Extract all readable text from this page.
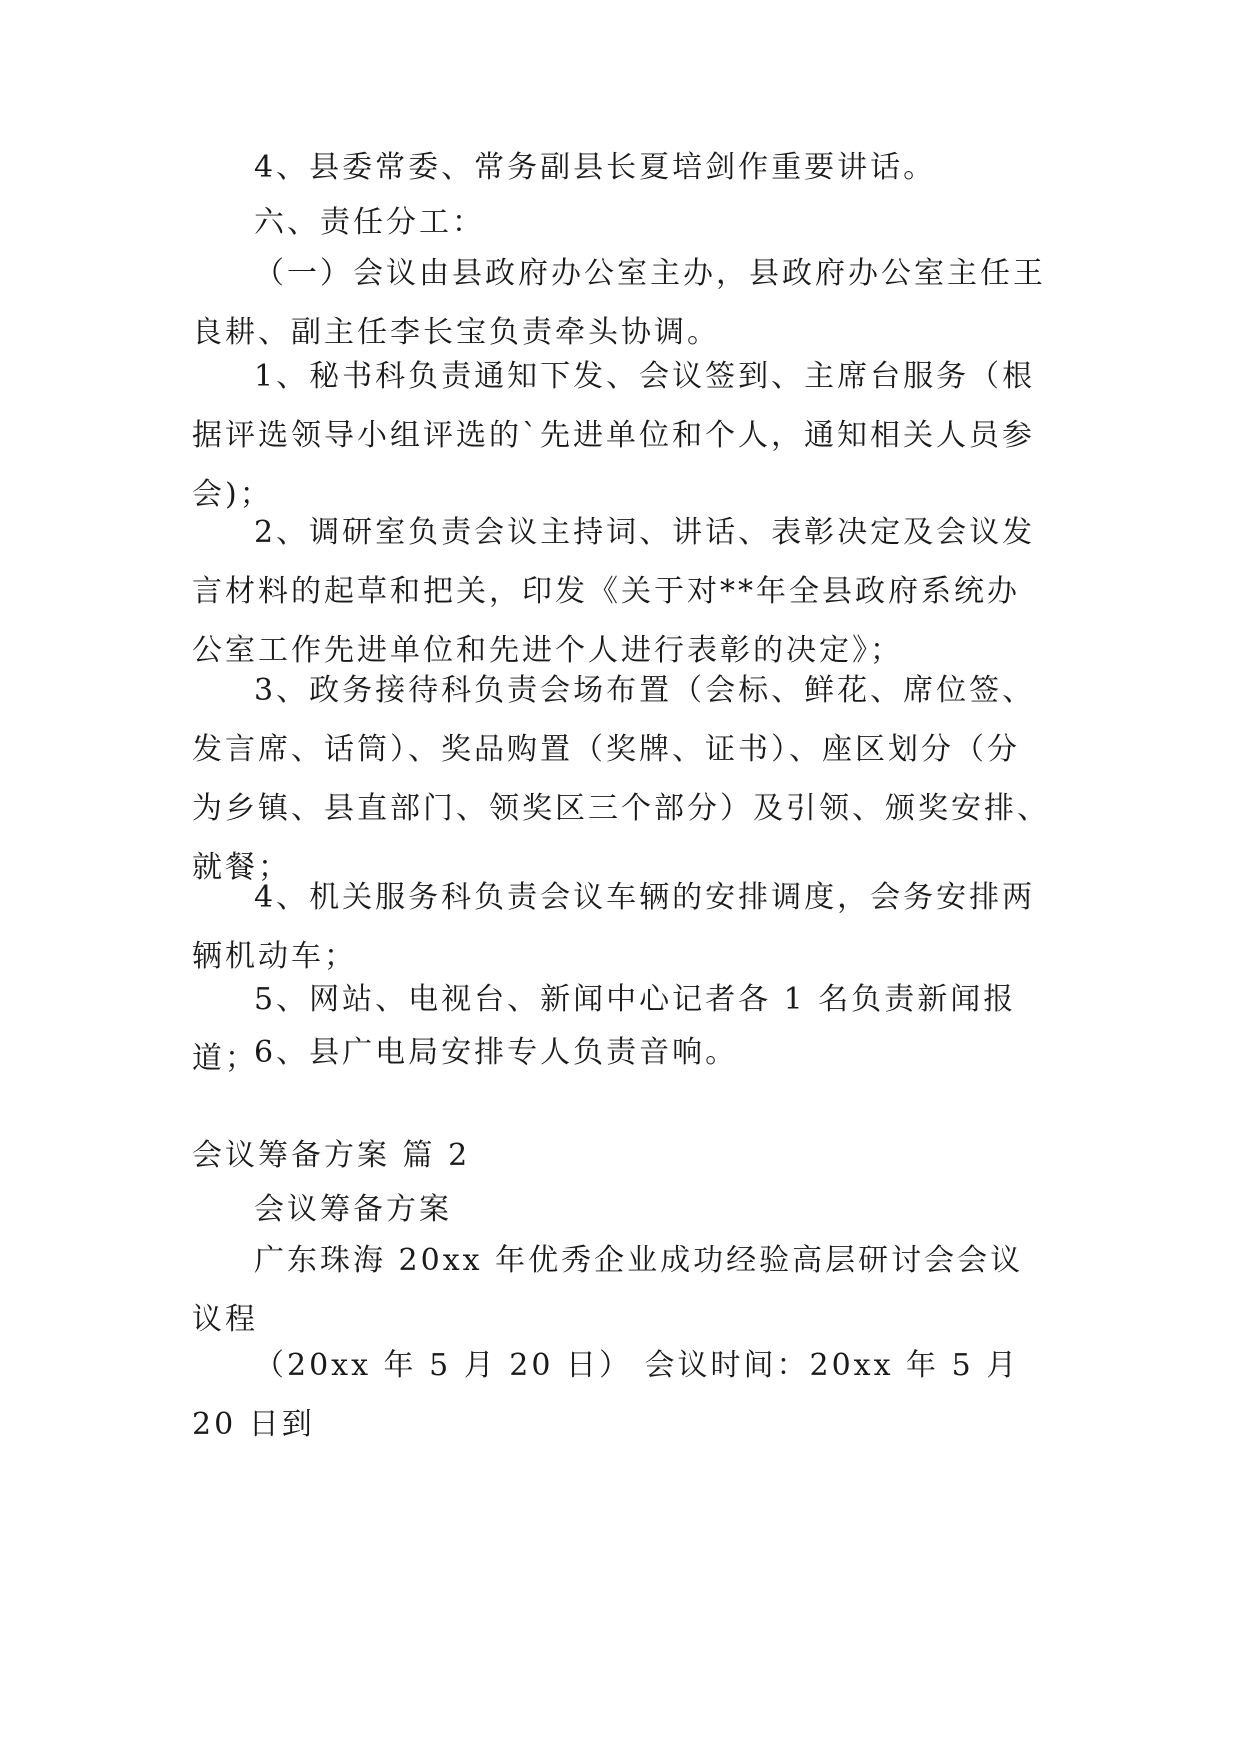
4、县委常委、常务副县长夏培剑作重要讲话。

六、责任分工：

（一）会议由县政府办公室主办，县政府办公室主任王良耕、副主任李长宝负责牵头协调。

1、秘书科负责通知下发、会议签到、主席台服务（根据评选领导小组评选的`先进单位和个人，通知相关人员参会)；

2、调研室负责会议主持词、讲话、表彰决定及会议发言材料的起草和把关，印发《关于对**年全县政府系统办公室工作先进单位和先进个人进行表彰的决定》；

3、政务接待科负责会场布置（会标、鲜花、席位签、发言席、话筒）、奖品购置（奖牌、证书）、座区划分（分为乡镇、县直部门、领奖区三个部分）及引领、颁奖安排、就餐；

4、机关服务科负责会议车辆的安排调度，会务安排两辆机动车；

5、网站、电视台、新闻中心记者各 1 名负责新闻报道；

6、县广电局安排专人负责音响。

会议筹备方案 篇 2

会议筹备方案

广东珠海 20xx 年优秀企业成功经验高层研讨会会议议程

（20xx 年 5 月 20 日） 会议时间：20xx 年 5 月 20 日到
